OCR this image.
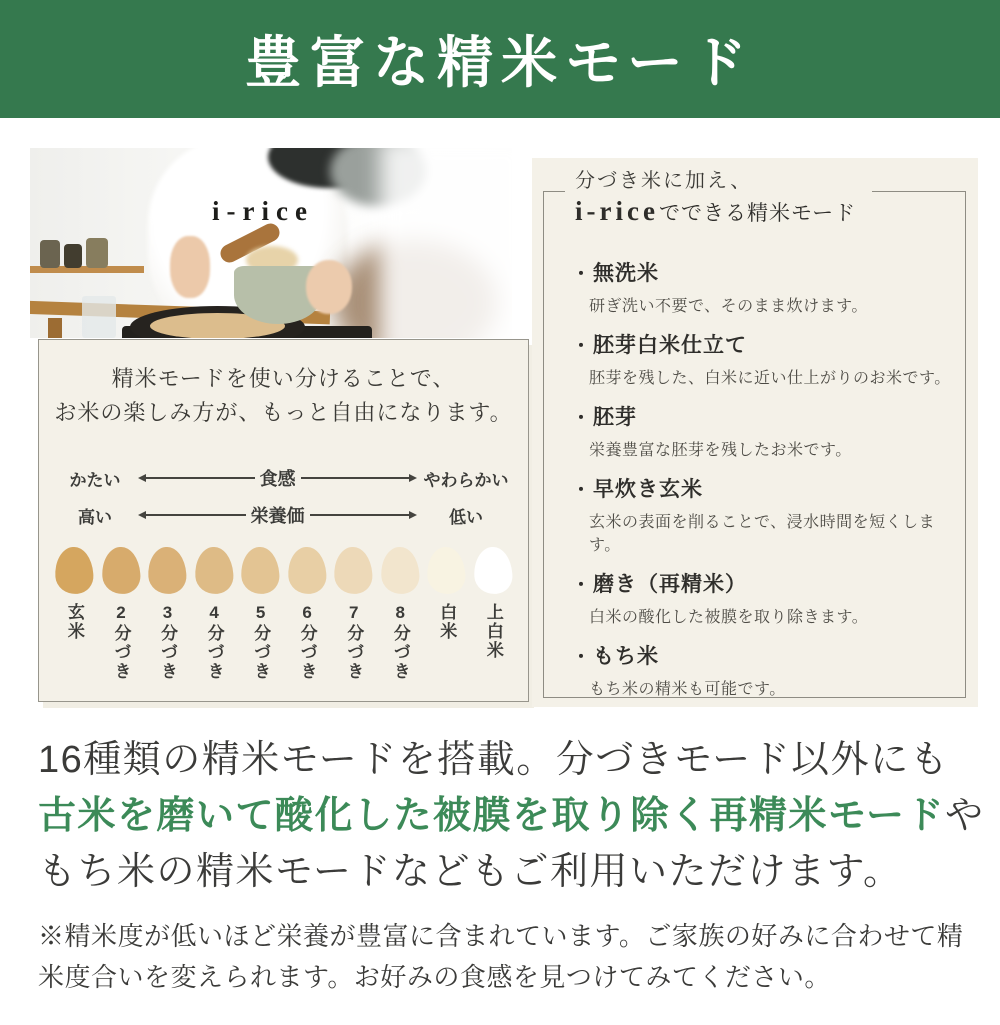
豊富な精米モード
i-rice

精米モードを使い分けることで、
お米の楽しみ方が、もっと自由になります。

かたい	食感	やわらかい
高い	栄養価	低い
玄米 2分づき 3分づき 4分づき 5分づき 6分づき 7分づき 8分づき 白米 上白米
分づき米に加え、
i-riceでできる精米モード
・ 無洗米
研ぎ洗い不要で、そのまま炊けます。
・ 胚芽白米仕立て
胚芽を残した、白米に近い仕上がりのお米です。
・ 胚芽
栄養豊富な胚芽を残したお米です。
・ 早炊き玄米
玄米の表面を削ることで、浸水時間を短くします。
・ 磨き（再精米）
白米の酸化した被膜を取り除きます。
・ もち米
もち米の精米も可能です。
16種類の精米モードを搭載。分づきモード以外にも
古米を磨いて酸化した被膜を取り除く再精米モードや
もち米の精米モードなどもご利用いただけます。

※精米度が低いほど栄養が豊富に含まれています。ご家族の好みに合わせて精米度合いを変えられます。お好みの食感を見つけてみてください。
